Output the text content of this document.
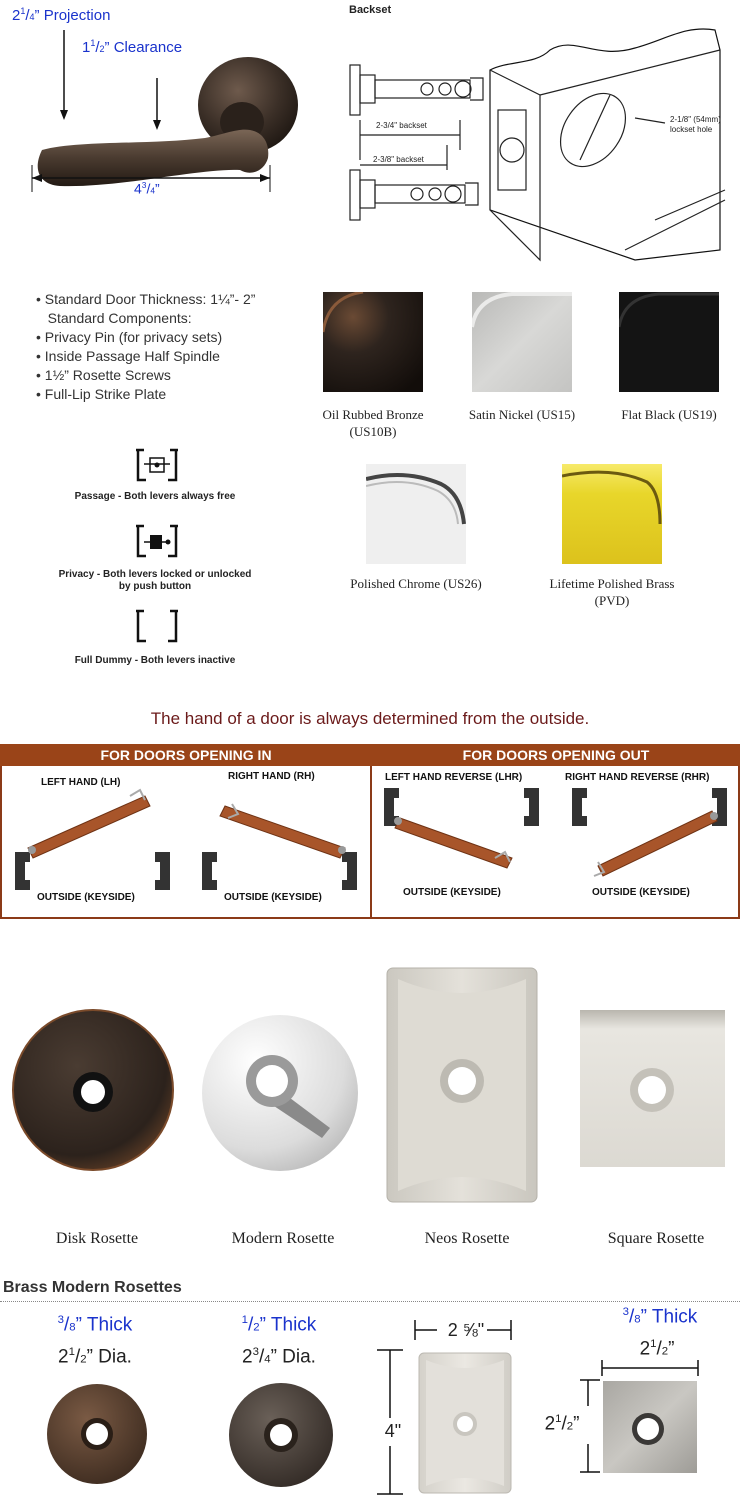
$2^1/4$” Projection
$1^1/2$” Clearance
$4^3/4$”
Backset
2-3/4" backset
2-3/8" backset
2-1/8" (54mm)
lockset hole
• Standard Door Thickness: 1¼”- 2”
Standard Components:
• Privacy Pin (for privacy sets)
• Inside Passage Half Spindle
• 1½” Rosette Screws
• Full-Lip Strike Plate
Oil Rubbed Bronze
(US10B)
Satin Nickel (US15)	Flat Black (US19)
Polished Chrome (US26)	Lifetime Polished Brass
(PVD)
Passage - Both levers always free
Privacy - Both levers locked or unlocked
by push button
Full Dummy - Both levers inactive
The hand of a door is always determined from the outside.
FOR DOORS OPENING IN	FOR DOORS OPENING OUT
LEFT HAND (LH)
RIGHT HAND (RH)	LEFT HAND REVERSE (LHR)	RIGHT HAND REVERSE (RHR)
OUTSIDE (KEYSIDE)	OUTSIDE (KEYSIDE)	OUTSIDE (KEYSIDE)	OUTSIDE (KEYSIDE)
Disk Rosette	Modern Rosette	Neos Rosette	Square Rosette
Brass Modern Rosettes
$^3$/8” Thick
$2^1/2$” Dia.
$^1$/2” Thick
$2^3/4$” Dia.
2 ⅝"
4"
$^3$/8” Thick
$2^1/2$”
$2^1/2$”
